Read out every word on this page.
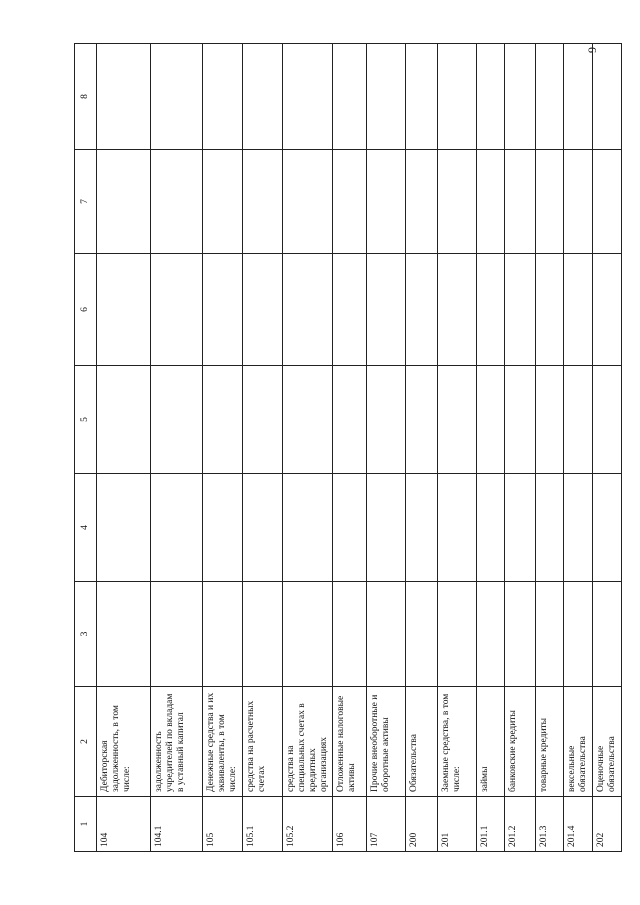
9
1	2	3	4	5	6	7	8
104	Дебиторская задолженность, в том числе:						
104.1	задолженность учредителей по вкладам в уставный капитал						
105	Денежные средства и их эквиваленты, в том числе:						
105.1	средства на расчетных счетах						
105.2	средства на специальных счетах в кредитных организациях						
106	Отложенные налоговые активы						
107	Прочие внеоборотные и оборотные активы						
200	Обязательства						
201	Заемные средства, в том числе:						
201.1	займы						
201.2	банковские кредиты						
201.3	товарные кредиты						
201.4	вексельные обязательства						
202	Оценочные обязательства						
